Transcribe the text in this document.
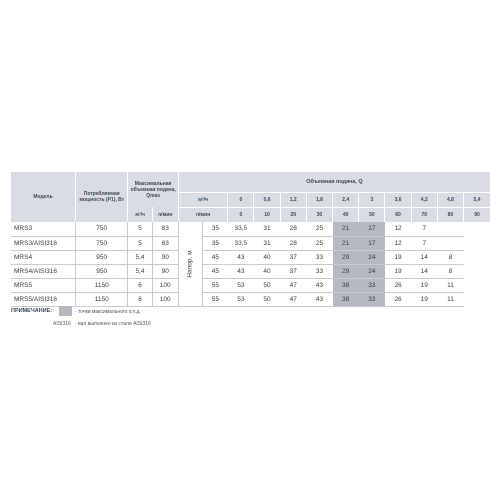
Модель	Потребляемая мощность (P1), Вт	Максимальная объемная подача, Qmax		Объемная подача, Q											
				м³/ч		0	0,6	1,2	1,8	2,4	3	3,6	4,2	4,8	5,4
		м³/ч	л/мин	л/мин		0	10	20	30	40	50	60	70	80	90
MRS3	750	5	83	Напор, м	35	33,5	31	28	25	21	17	12	7		
MRS3/AISI316	750	5	83		35	33,5	31	28	25	21	17	12	7		
MRS4	950	5,4	90		45	43	40	37	33	29	24	19	14	8	
MRS4/AISI316	950	5,4	90		45	43	40	37	33	29	24	19	14	8	
MRS5	1150	6	100		55	53	50	47	43	38	33	26	19	11	
MRS5/AISI316	1150	6	100		55	53	50	47	43	38	33	26	19	11	
ПРИМЕЧАНИЕ:	- точки максимального к.п.д.
AISI316 - вал выполнен из стали AISI316
